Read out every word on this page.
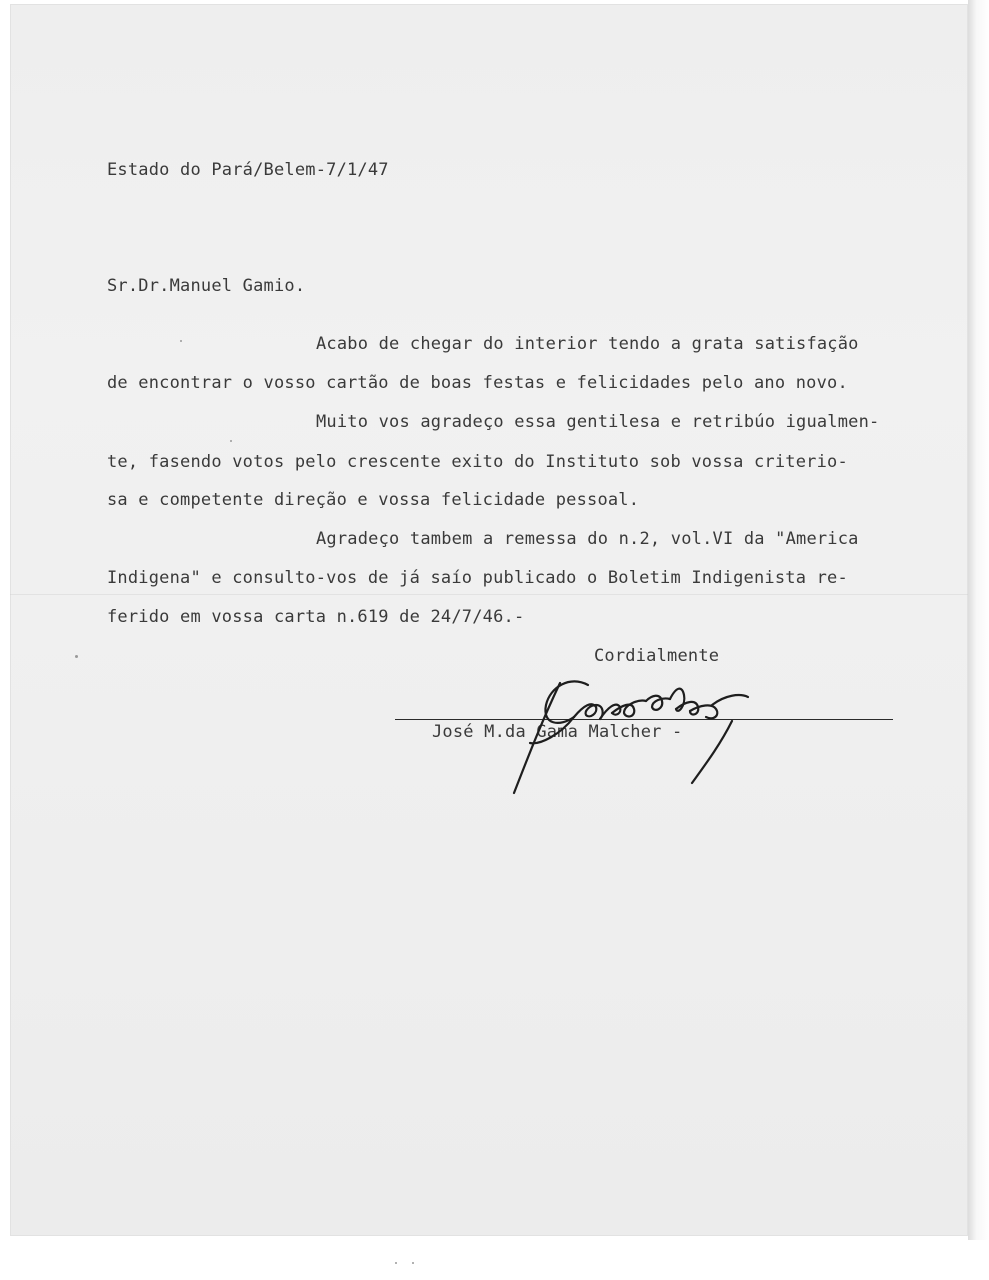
Estado do Pará/Belem-7/1/47

Sr.Dr.Manuel Gamio.

Acabo de chegar do interior tendo a grata satisfação

de encontrar o vosso cartão de boas festas e felicidades pelo ano novo.

Muito vos agradeço essa gentilesa e retribúo igualmen-

te, fasendo votos pelo crescente exito do Instituto sob vossa criterio-

sa e competente direção e vossa felicidade pessoal.

Agradeço tambem a remessa do n.2, vol.VI da "America

Indigena" e consulto-vos de já saío publicado o Boletim Indigenista re-

ferido em vossa carta n.619 de 24/7/46.-

Cordialmente

José M.da Gama Malcher -
